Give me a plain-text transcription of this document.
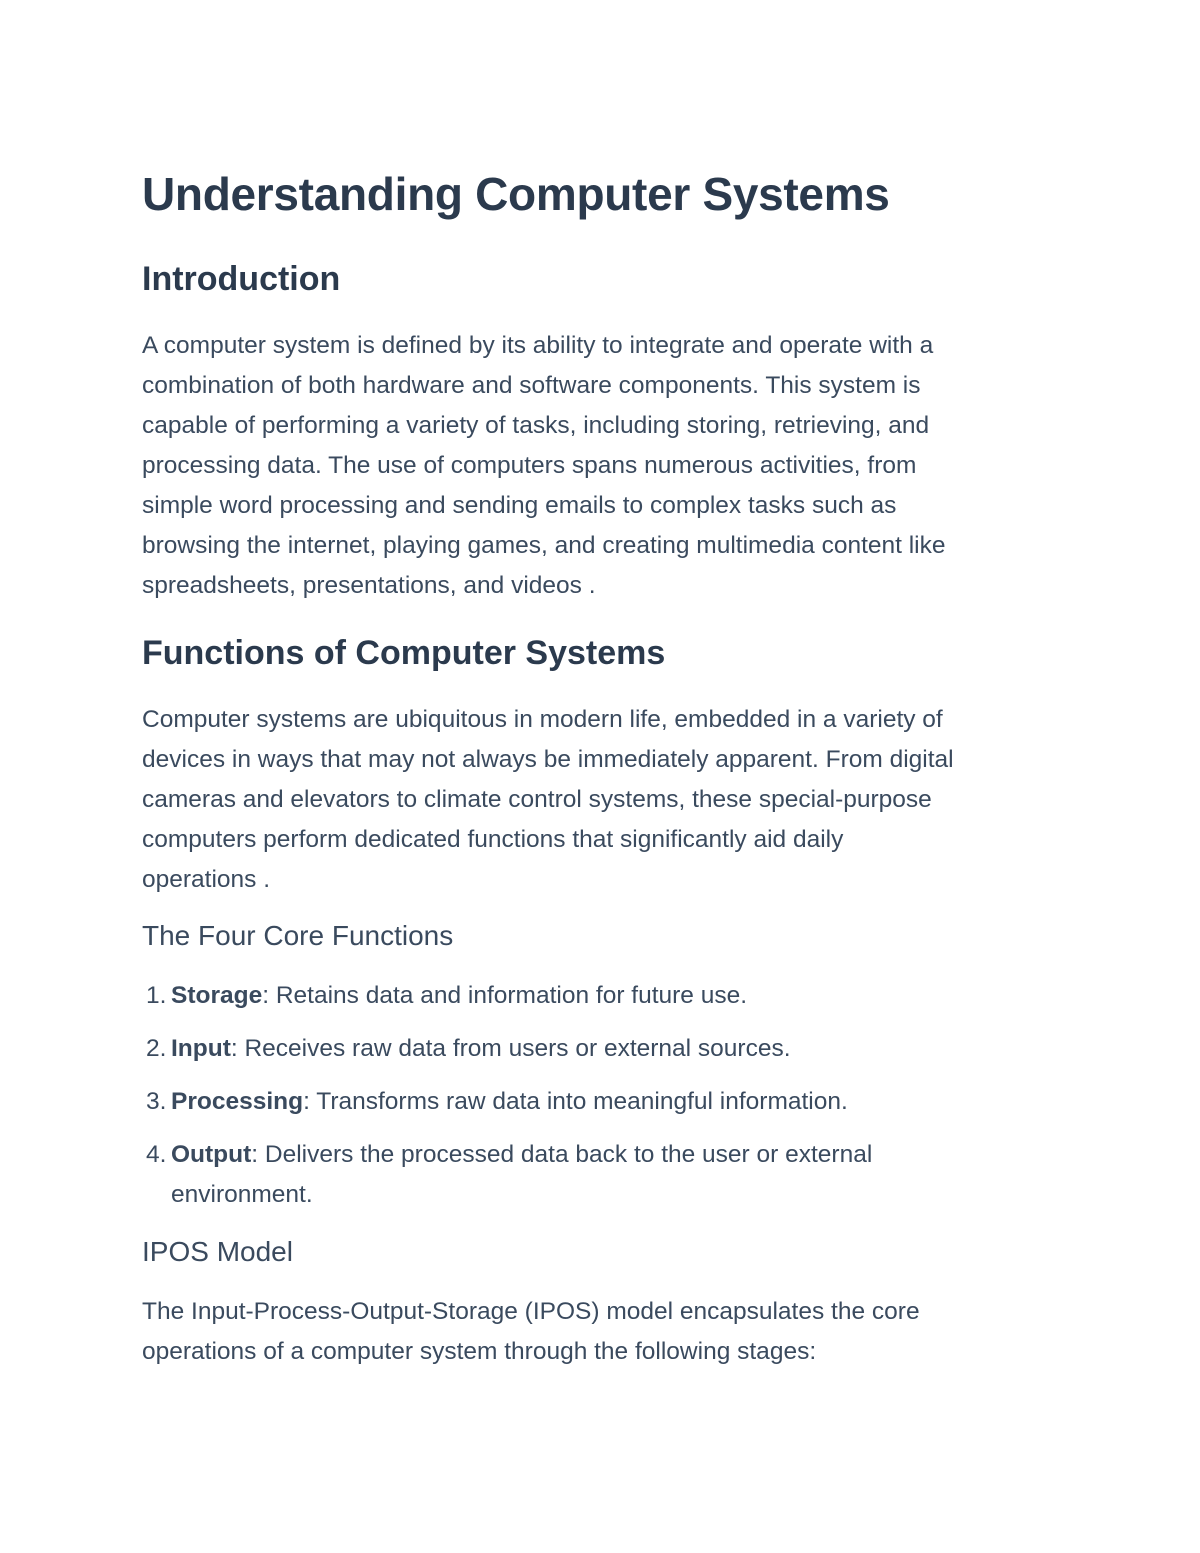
Understanding Computer Systems
Introduction

A computer system is defined by its ability to integrate and operate with a
combination of both hardware and software components. This system is
capable of performing a variety of tasks, including storing, retrieving, and
processing data. The use of computers spans numerous activities, from
simple word processing and sending emails to complex tasks such as
browsing the internet, playing games, and creating multimedia content like
spreadsheets, presentations, and videos .

Functions of Computer Systems

Computer systems are ubiquitous in modern life, embedded in a variety of
devices in ways that may not always be immediately apparent. From digital
cameras and elevators to climate control systems, these special-purpose
computers perform dedicated functions that significantly aid daily
operations .

The Four Core Functions
1. Storage: Retains data and information for future use.
2. Input: Receives raw data from users or external sources.
3. Processing: Transforms raw data into meaningful information.
4. Output: Delivers the processed data back to the user or external
environment.
IPOS Model

The Input-Process-Output-Storage (IPOS) model encapsulates the core
operations of a computer system through the following stages:
